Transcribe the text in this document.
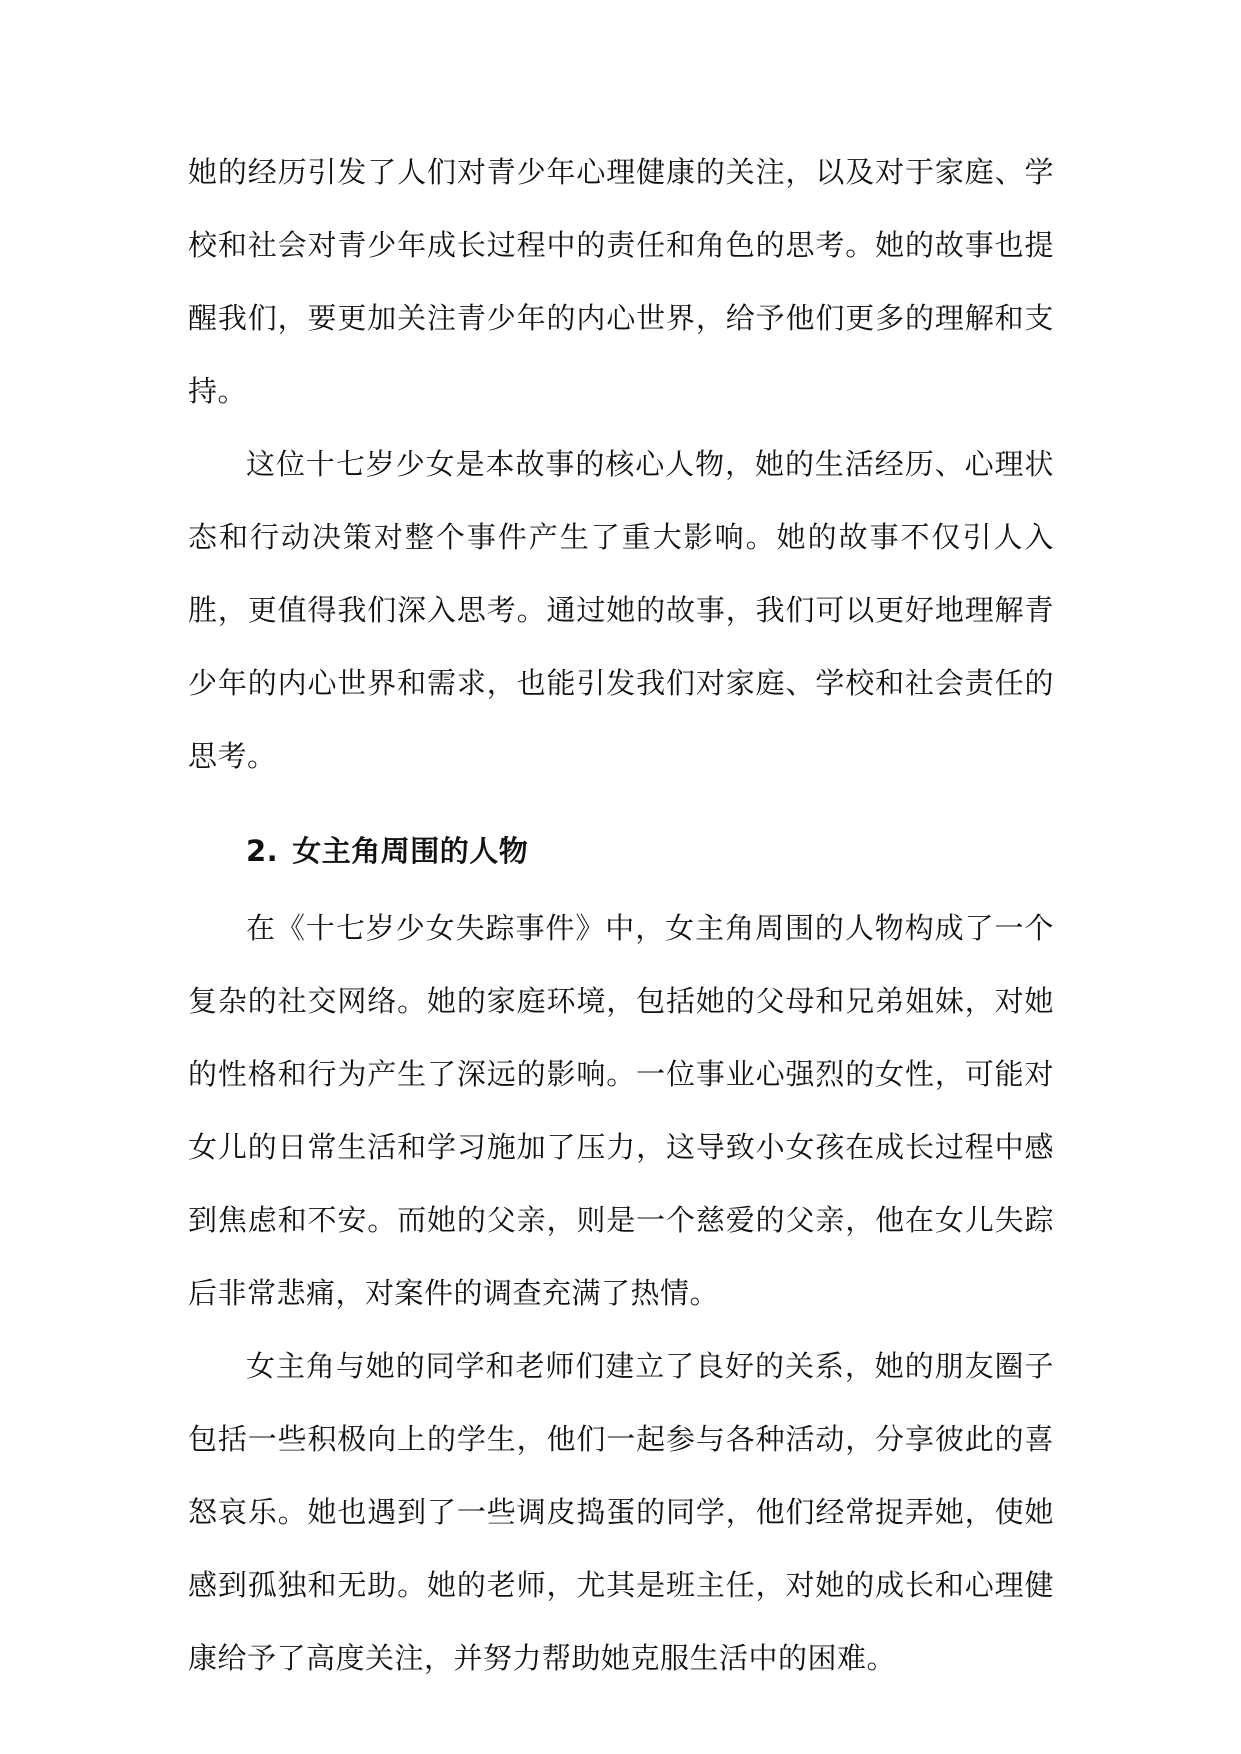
她的经历引发了人们对青少年心理健康的关注，以及对于家庭、学校和社会对青少年成长过程中的责任和角色的思考。她的故事也提醒我们，要更加关注青少年的内心世界，给予他们更多的理解和支持。

这位十七岁少女是本故事的核心人物，她的生活经历、心理状态和行动决策对整个事件产生了重大影响。她的故事不仅引人入胜，更值得我们深入思考。通过她的故事，我们可以更好地理解青少年的内心世界和需求，也能引发我们对家庭、学校和社会责任的思考。

2. 女主角周围的人物

在《十七岁少女失踪事件》中，女主角周围的人物构成了一个复杂的社交网络。她的家庭环境，包括她的父母和兄弟姐妹，对她的性格和行为产生了深远的影响。一位事业心强烈的女性，可能对女儿的日常生活和学习施加了压力，这导致小女孩在成长过程中感到焦虑和不安。而她的父亲，则是一个慈爱的父亲，他在女儿失踪后非常悲痛，对案件的调查充满了热情。

女主角与她的同学和老师们建立了良好的关系，她的朋友圈子包括一些积极向上的学生，他们一起参与各种活动，分享彼此的喜怒哀乐。她也遇到了一些调皮捣蛋的同学，他们经常捉弄她，使她感到孤独和无助。她的老师，尤其是班主任，对她的成长和心理健康给予了高度关注，并努力帮助她克服生活中的困难。
